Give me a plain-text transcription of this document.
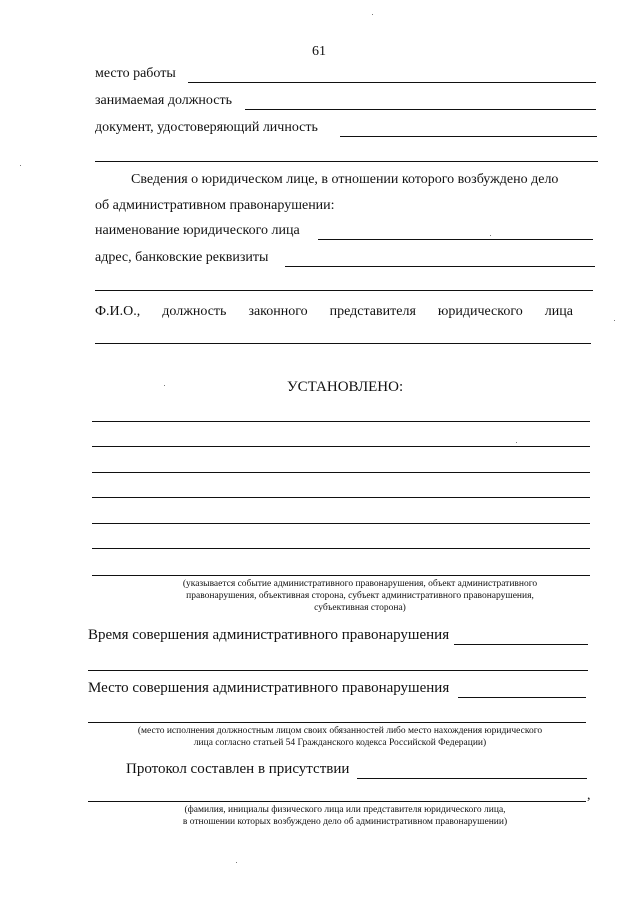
61
место работы
занимаемая должность
документ, удостоверяющий личность
Сведения о юридическом лице, в отношении которого возбуждено дело
об административном правонарушении:
наименование юридического лица
адрес, банковские реквизиты
Ф.И.О., должность законного представителя юридического лица
УСТАНОВЛЕНО:
(указывается событие административного правонарушения, объект административного
правонарушения, объективная сторона, субъект административного правонарушения,
субъективная сторона)
Время совершения административного правонарушения
Место совершения административного правонарушения
(место исполнения должностным лицом своих обязанностей либо место нахождения юридического
лица согласно статьей 54 Гражданского кодекса Российской Федерации)
Протокол составлен в присутствии
,
(фамилия, инициалы физического лица или представителя юридического лица,
в отношении которых возбуждено дело об административном правонарушении)
